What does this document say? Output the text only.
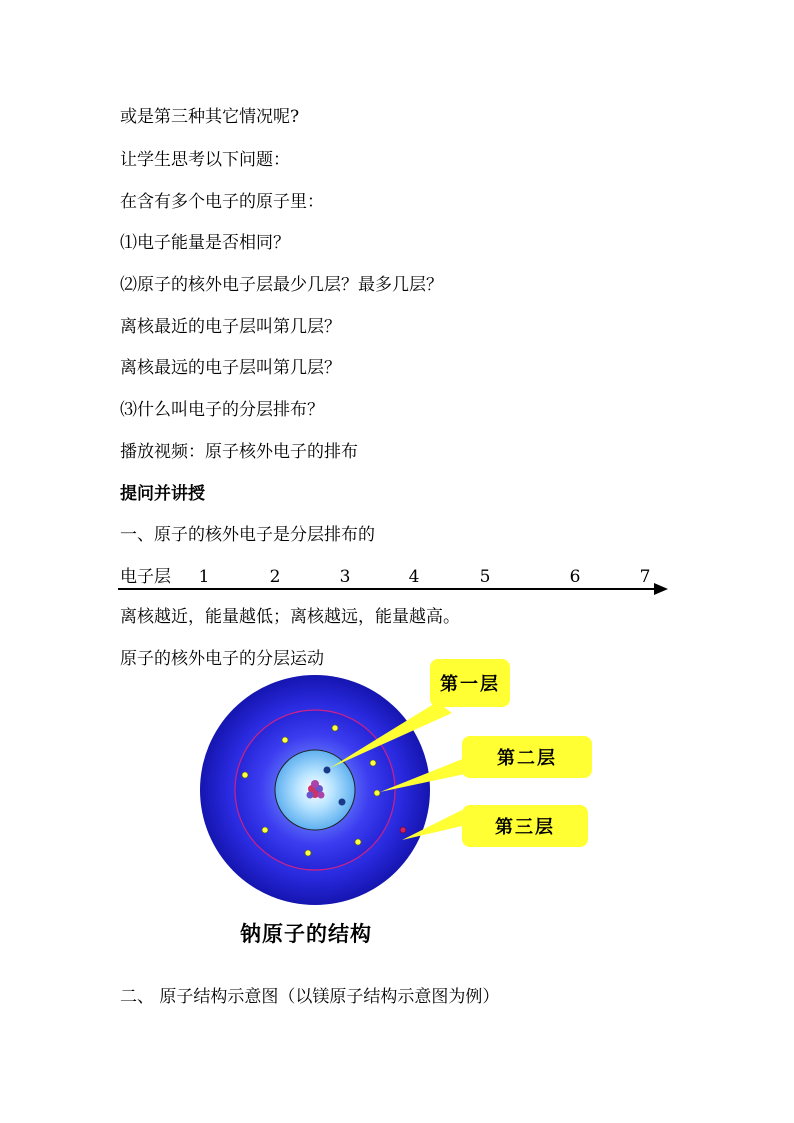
或是第三种其它情况呢?
让学生思考以下问题：
在含有多个电子的原子里：
⑴电子能量是否相同？
⑵原子的核外电子层最少几层？最多几层？
离核最近的电子层叫第几层？
离核最远的电子层叫第几层？
⑶什么叫电子的分层排布？
播放视频：原子核外电子的排布
提问并讲授
一、原子的核外电子是分层排布的
电子层 1	2	3	4	5	6	7
离核越近，能量越低；离核越远，能量越高。
原子的核外电子的分层运动
第一层
第二层
第三层
钠原子的结构
二、 原子结构示意图（以镁原子结构示意图为例）
